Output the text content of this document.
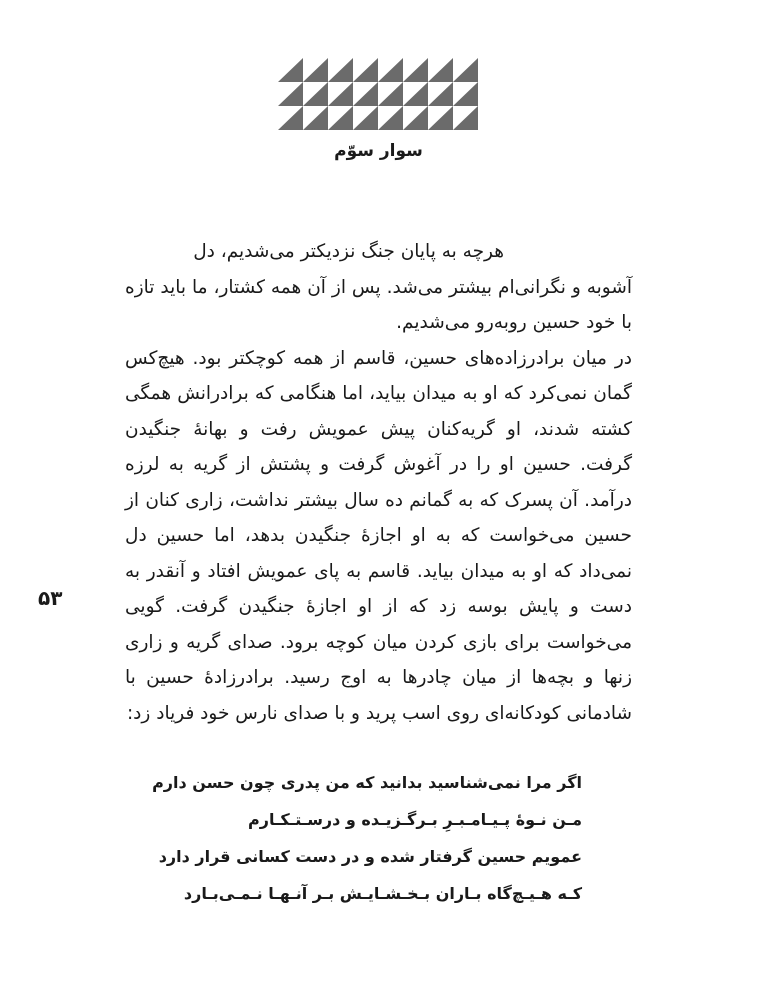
سوار سوّم
۵۳

هرچه به پایان جنگ نزدیکتر می‌شدیم، دل

آشوبه و نگرانی‌ام بیشتر می‌شد. پس از آن همه کشتار، ما باید تازه با خود حسین روبه‌رو می‌شدیم.

در میان برادرزاده‌های حسین، قاسم از همه کوچکتر بود. هیچ‌کس گمان نمی‌کرد که او به میدان بیاید، اما هنگامی که برادرانش همگی کشته شدند، او گریه‌کنان پیش عمویش رفت و بهانهٔ جنگیدن گرفت. حسین او را در آغوش گرفت و پشتش از گریه به لرزه درآمد. آن پسرک که به گمانم ده سال بیشتر نداشت، زاری کنان از حسین می‌خواست که به او اجازهٔ جنگیدن بدهد، اما حسین دل نمی‌داد که او به میدان بیاید. قاسم به پای عمویش افتاد و آنقدر به دست و پایش بوسه زد که از او اجازهٔ جنگیدن گرفت. گویی می‌خواست برای بازی کردن میان کوچه برود. صدای گریه و زاری زنها و بچه‌ها از میان چادرها به اوج رسید. برادرزادهٔ حسین با شادمانی کودکانه‌ای روی اسب پرید و با صدای نارس خود فریاد زد:

اگر مرا نمی‌شناسید بدانید که من پدری چون حسن دارم
مـن نـوهٔ پـیـامـبـرِ بـرگـزیـده و درسـتـکـارم
عمویم حسین گرفتار شده و در دست کسانی قرار دارد
کـه هـیـچ‌گاه بـاران بـخـشـایـش بـر آنـهـا نـمـی‌بـارد
